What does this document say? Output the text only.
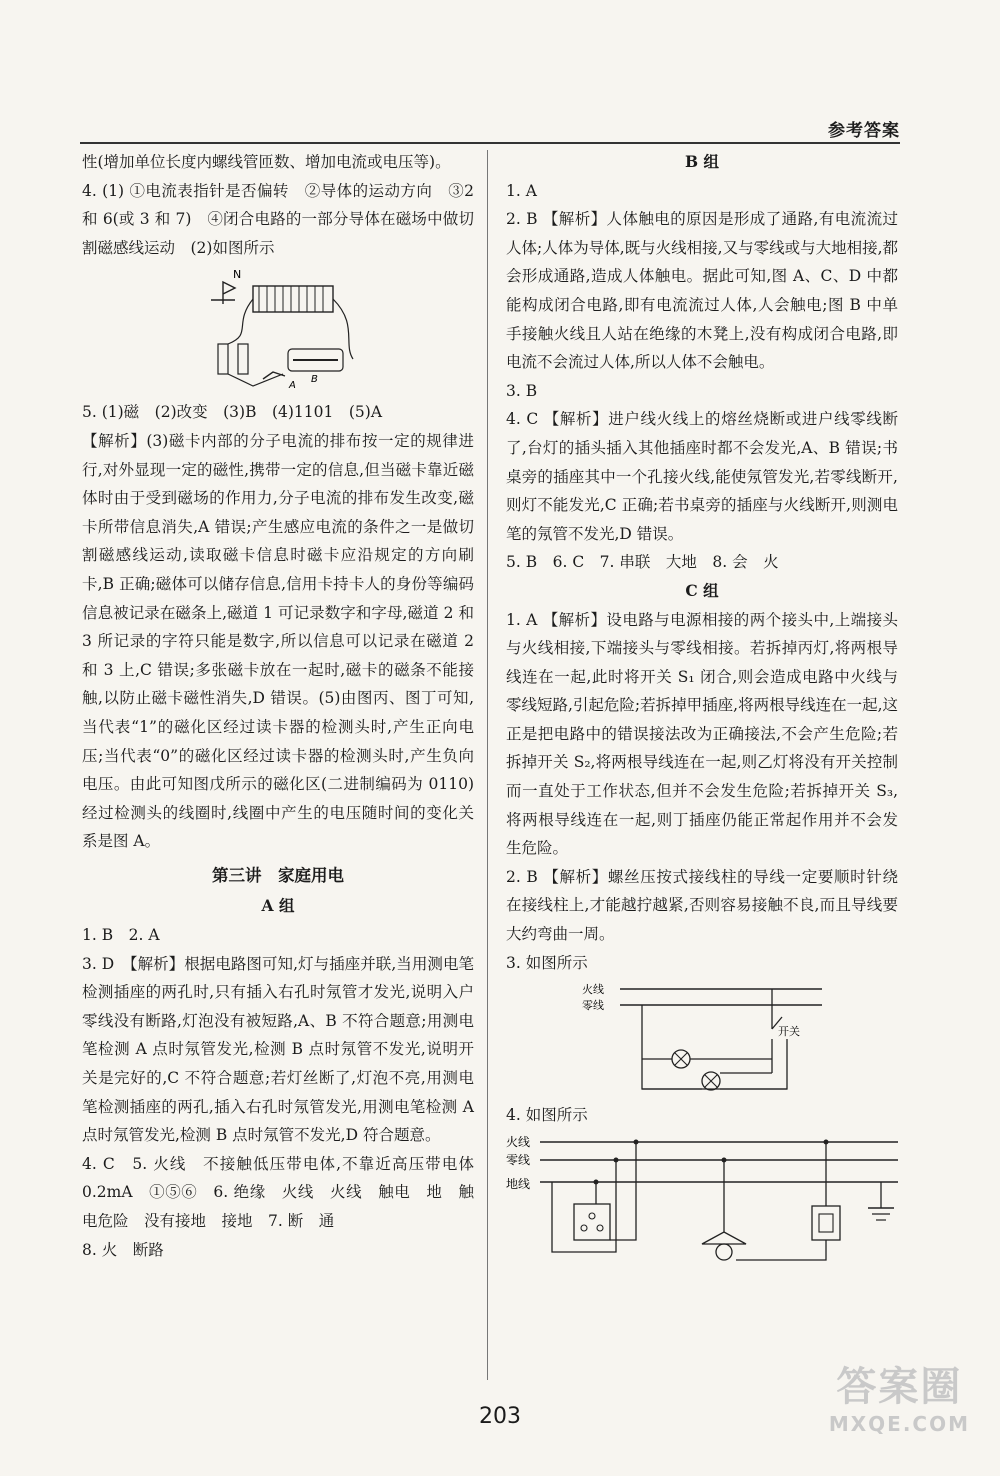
参考答案

性(增加单位长度内螺线管匝数、增加电流或电压等)。

4. (1) ①电流表指针是否偏转　②导体的运动方向　③2 和 6(或 3 和 7)　④闭合电路的一部分导体在磁场中做切割磁感线运动　(2)如图所示

N
A
B

5. (1)磁　(2)改变　(3)B　(4)1101　(5)A

【解析】(3)磁卡内部的分子电流的排布按一定的规律进行,对外显现一定的磁性,携带一定的信息,但当磁卡靠近磁体时由于受到磁场的作用力,分子电流的排布发生改变,磁卡所带信息消失,A 错误;产生感应电流的条件之一是做切割磁感线运动,读取磁卡信息时磁卡应沿规定的方向刷卡,B 正确;磁体可以储存信息,信用卡持卡人的身份等编码信息被记录在磁条上,磁道 1 可记录数字和字母,磁道 2 和 3 所记录的字符只能是数字,所以信息可以记录在磁道 2 和 3 上,C 错误;多张磁卡放在一起时,磁卡的磁条不能接触,以防止磁卡磁性消失,D 错误。(5)由图丙、图丁可知,当代表“1”的磁化区经过读卡器的检测头时,产生正向电压;当代表“0”的磁化区经过读卡器的检测头时,产生负向电压。由此可知图戊所示的磁化区(二进制编码为 0110)经过检测头的线圈时,线圈中产生的电压随时间的变化关系是图 A。

第三讲　家庭用电

A 组

1. B　2. A

3. D　【解析】根据电路图可知,灯与插座并联,当用测电笔检测插座的两孔时,只有插入右孔时氖管才发光,说明入户零线没有断路,灯泡没有被短路,A、B 不符合题意;用测电笔检测 A 点时氖管发光,检测 B 点时氖管不发光,说明开关是完好的,C 不符合题意;若灯丝断了,灯泡不亮,用测电笔检测插座的两孔,插入右孔时氖管发光,用测电笔检测 A 点时氖管发光,检测 B 点时氖管不发光,D 符合题意。

4. C　5. 火线　不接触低压带电体,不靠近高压带电体　0.2mA　①⑤⑥　6. 绝缘　火线　火线　触电　地　触电危险　没有接地　接地　7. 断　通

8. 火　断路

B 组

1. A

2. B 【解析】人体触电的原因是形成了通路,有电流流过人体;人体为导体,既与火线相接,又与零线或与大地相接,都会形成通路,造成人体触电。据此可知,图 A、C、D 中都能构成闭合电路,即有电流流过人体,人会触电;图 B 中单手接触火线且人站在绝缘的木凳上,没有构成闭合电路,即电流不会流过人体,所以人体不会触电。

3. B

4. C 【解析】进户线火线上的熔丝烧断或进户线零线断了,台灯的插头插入其他插座时都不会发光,A、B 错误;书桌旁的插座其中一个孔接火线,能使氖管发光,若零线断开,则灯不能发光,C 正确;若书桌旁的插座与火线断开,则测电笔的氖管不发光,D 错误。

5. B　6. C　7. 串联　大地　8. 会　火

C 组

1. A 【解析】设电路与电源相接的两个接头中,上端接头与火线相接,下端接头与零线相接。若拆掉丙灯,将两根导线连在一起,此时将开关 S₁ 闭合,则会造成电路中火线与零线短路,引起危险;若拆掉甲插座,将两根导线连在一起,这正是把电路中的错误接法改为正确接法,不会产生危险;若拆掉开关 S₂,将两根导线连在一起,则乙灯将没有开关控制而一直处于工作状态,但并不会发生危险;若拆掉开关 S₃,将两根导线连在一起,则丁插座仍能正常起作用并不会发生危险。

2. B 【解析】螺丝压按式接线柱的导线一定要顺时针绕在接线柱上,才能越拧越紧,否则容易接触不良,而且导线要大约弯曲一周。

3. 如图所示

火线
零线
开关

4. 如图所示

火线
零线
地线
203
答案圈
MXQE.COM
